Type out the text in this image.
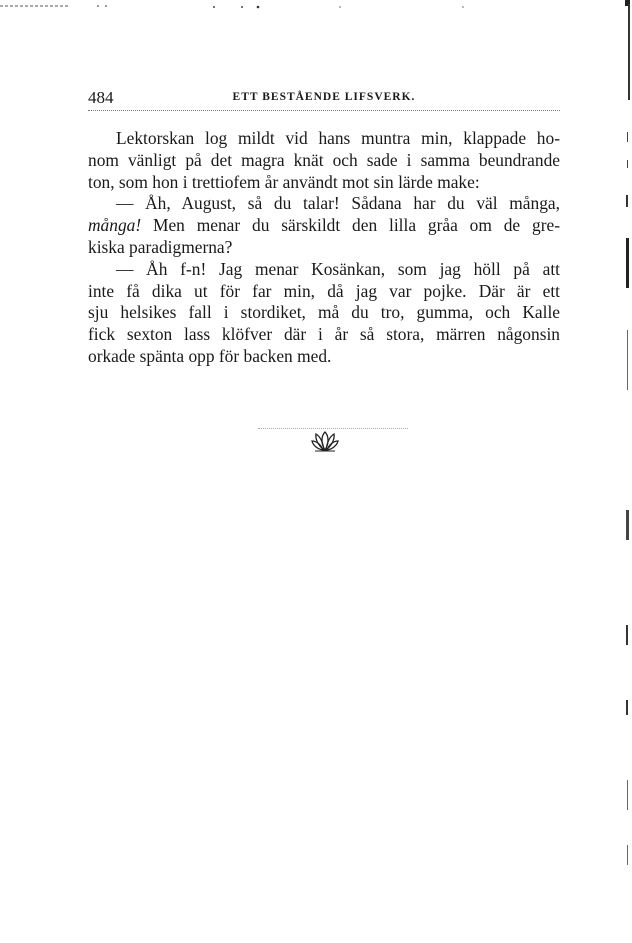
484	ETT BESTÅENDE LIFSVERK.
Lektorskan log mildt vid hans muntra min, klappade ho-
nom vänligt på det magra knät och sade i samma beundrande
ton, som hon i trettiofem år användt mot sin lärde make:
— Åh, August, så du talar! Sådana har du väl många,
många! Men menar du särskildt den lilla gråa om de gre-
kiska paradigmerna?
— Åh f-n! Jag menar Kosänkan, som jag höll på att
inte få dika ut för far min, då jag var pojke. Där är ett
sju helsikes fall i stordiket, må du tro, gumma, och Kalle
fick sexton lass klöfver där i år så stora, märren någonsin
orkade spänta opp för backen med.
